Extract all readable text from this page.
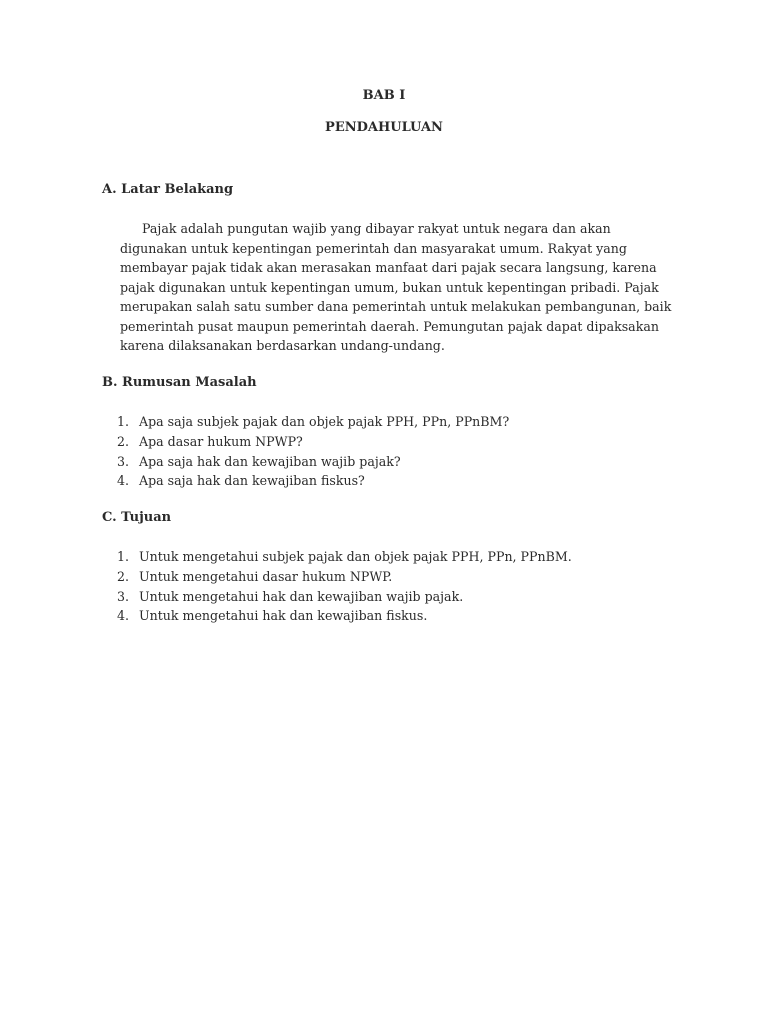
BAB I
PENDAHULUAN
A. Latar Belakang

Pajak adalah pungutan wajib yang dibayar rakyat untuk negara dan akan digunakan untuk kepentingan pemerintah dan masyarakat umum. Rakyat yang membayar pajak tidak akan merasakan manfaat dari pajak secara langsung, karena pajak digunakan untuk kepentingan umum, bukan untuk kepentingan pribadi. Pajak merupakan salah satu sumber dana pemerintah untuk melakukan pembangunan, baik pemerintah pusat maupun pemerintah daerah. Pemungutan pajak dapat dipaksakan karena dilaksanakan berdasarkan undang-undang.

B. Rumusan Masalah
1. Apa saja subjek pajak dan objek pajak PPH, PPn, PPnBM?
2. Apa dasar hukum NPWP?
3. Apa saja hak dan kewajiban wajib pajak?
4. Apa saja hak dan kewajiban fiskus?
C. Tujuan
1. Untuk mengetahui subjek pajak dan objek pajak PPH, PPn, PPnBM.
2. Untuk mengetahui dasar hukum NPWP.
3. Untuk mengetahui hak dan kewajiban wajib pajak.
4. Untuk mengetahui hak dan kewajiban fiskus.
